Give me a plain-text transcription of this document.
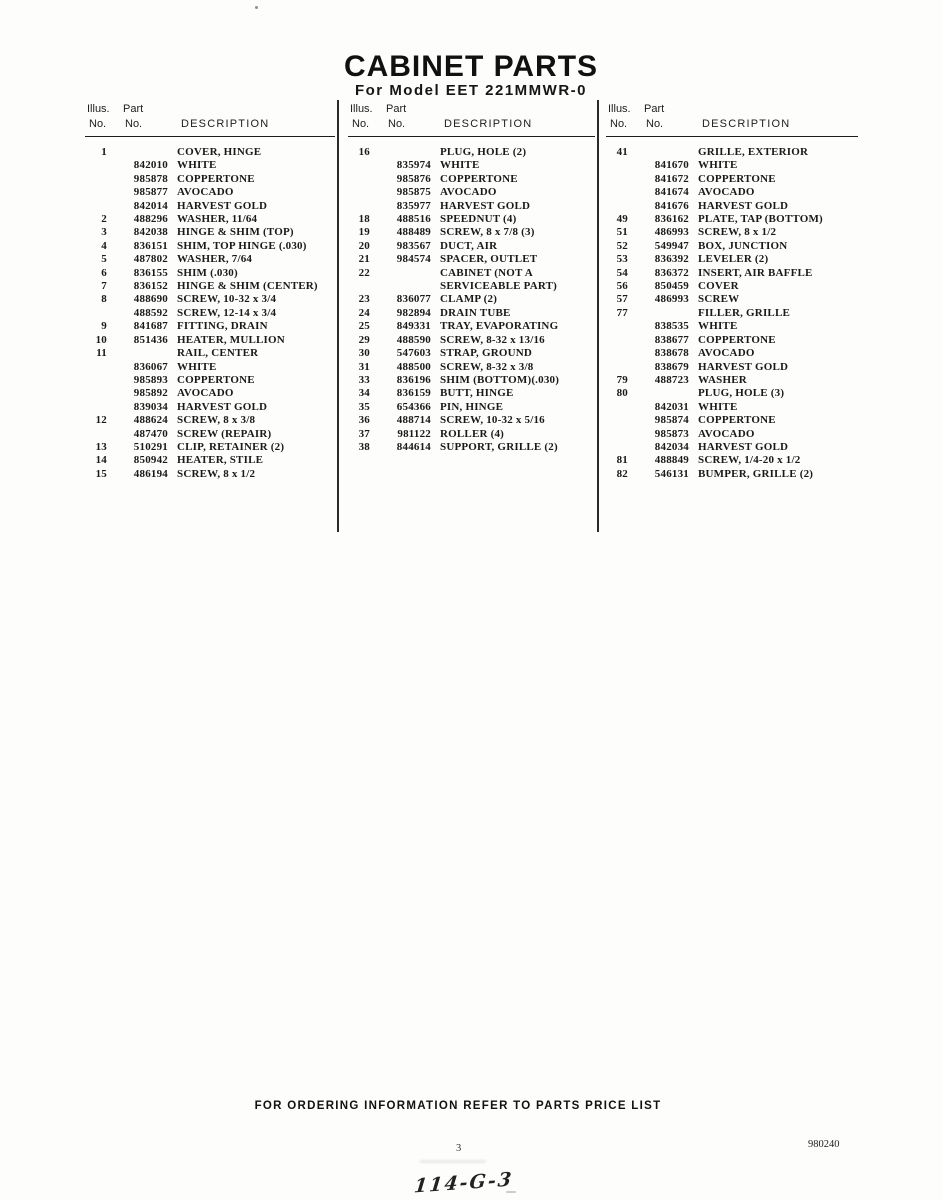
CABINET PARTS
For Model EET 221MMWR-0
Illus. Part
No. No.	DESCRIPTION
1	COVER, HINGE
842010 WHITE
985878 COPPERTONE
985877 AVOCADO
842014 HARVEST GOLD
2	488296 WASHER, 11/64
3	842038 HINGE & SHIM (TOP)
4	836151 SHIM, TOP HINGE (.030)
5	487802 WASHER, 7/64
6	836155 SHIM (.030)
7	836152 HINGE & SHIM (CENTER)
8	488690 SCREW, 10-32 x 3/4
488592 SCREW, 12-14 x 3/4
9	841687 FITTING, DRAIN
10	851436 HEATER, MULLION
11	RAIL, CENTER
836067 WHITE
985893 COPPERTONE
985892 AVOCADO
839034 HARVEST GOLD
12	488624 SCREW, 8 x 3/8
487470 SCREW (REPAIR)
13	510291 CLIP, RETAINER (2)
14	850942 HEATER, STILE
15	486194 SCREW, 8 x 1/2
Illus. Part
No. No.	DESCRIPTION
16	PLUG, HOLE (2)
835974 WHITE
985876 COPPERTONE
985875 AVOCADO
835977 HARVEST GOLD
18	488516 SPEEDNUT (4)
19	488489 SCREW, 8 x 7/8 (3)
20	983567 DUCT, AIR
21	984574 SPACER, OUTLET
22	CABINET (NOT A
SERVICEABLE PART)
23	836077 CLAMP (2)
24	982894 DRAIN TUBE
25	849331 TRAY, EVAPORATING
29	488590 SCREW, 8-32 x 13/16
30	547603 STRAP, GROUND
31	488500 SCREW, 8-32 x 3/8
33	836196 SHIM (BOTTOM)(.030)
34	836159 BUTT, HINGE
35	654366 PIN, HINGE
36	488714 SCREW, 10-32 x 5/16
37	981122 ROLLER (4)
38	844614 SUPPORT, GRILLE (2)
Illus. Part
No. No.	DESCRIPTION
41	GRILLE, EXTERIOR
841670 WHITE
841672 COPPERTONE
841674 AVOCADO
841676 HARVEST GOLD
49	836162 PLATE, TAP (BOTTOM)
51	486993 SCREW, 8 x 1/2
52	549947 BOX, JUNCTION
53	836392 LEVELER (2)
54	836372 INSERT, AIR BAFFLE
56	850459 COVER
57	486993 SCREW
77	FILLER, GRILLE
838535 WHITE
838677 COPPERTONE
838678 AVOCADO
838679 HARVEST GOLD
79	488723 WASHER
80	PLUG, HOLE (3)
842031 WHITE
985874 COPPERTONE
985873 AVOCADO
842034 HARVEST GOLD
81	488849 SCREW, 1/4-20 x 1/2
82	546131 BUMPER, GRILLE (2)
FOR ORDERING INFORMATION REFER TO PARTS PRICE LIST
3	980240
114-G-3
